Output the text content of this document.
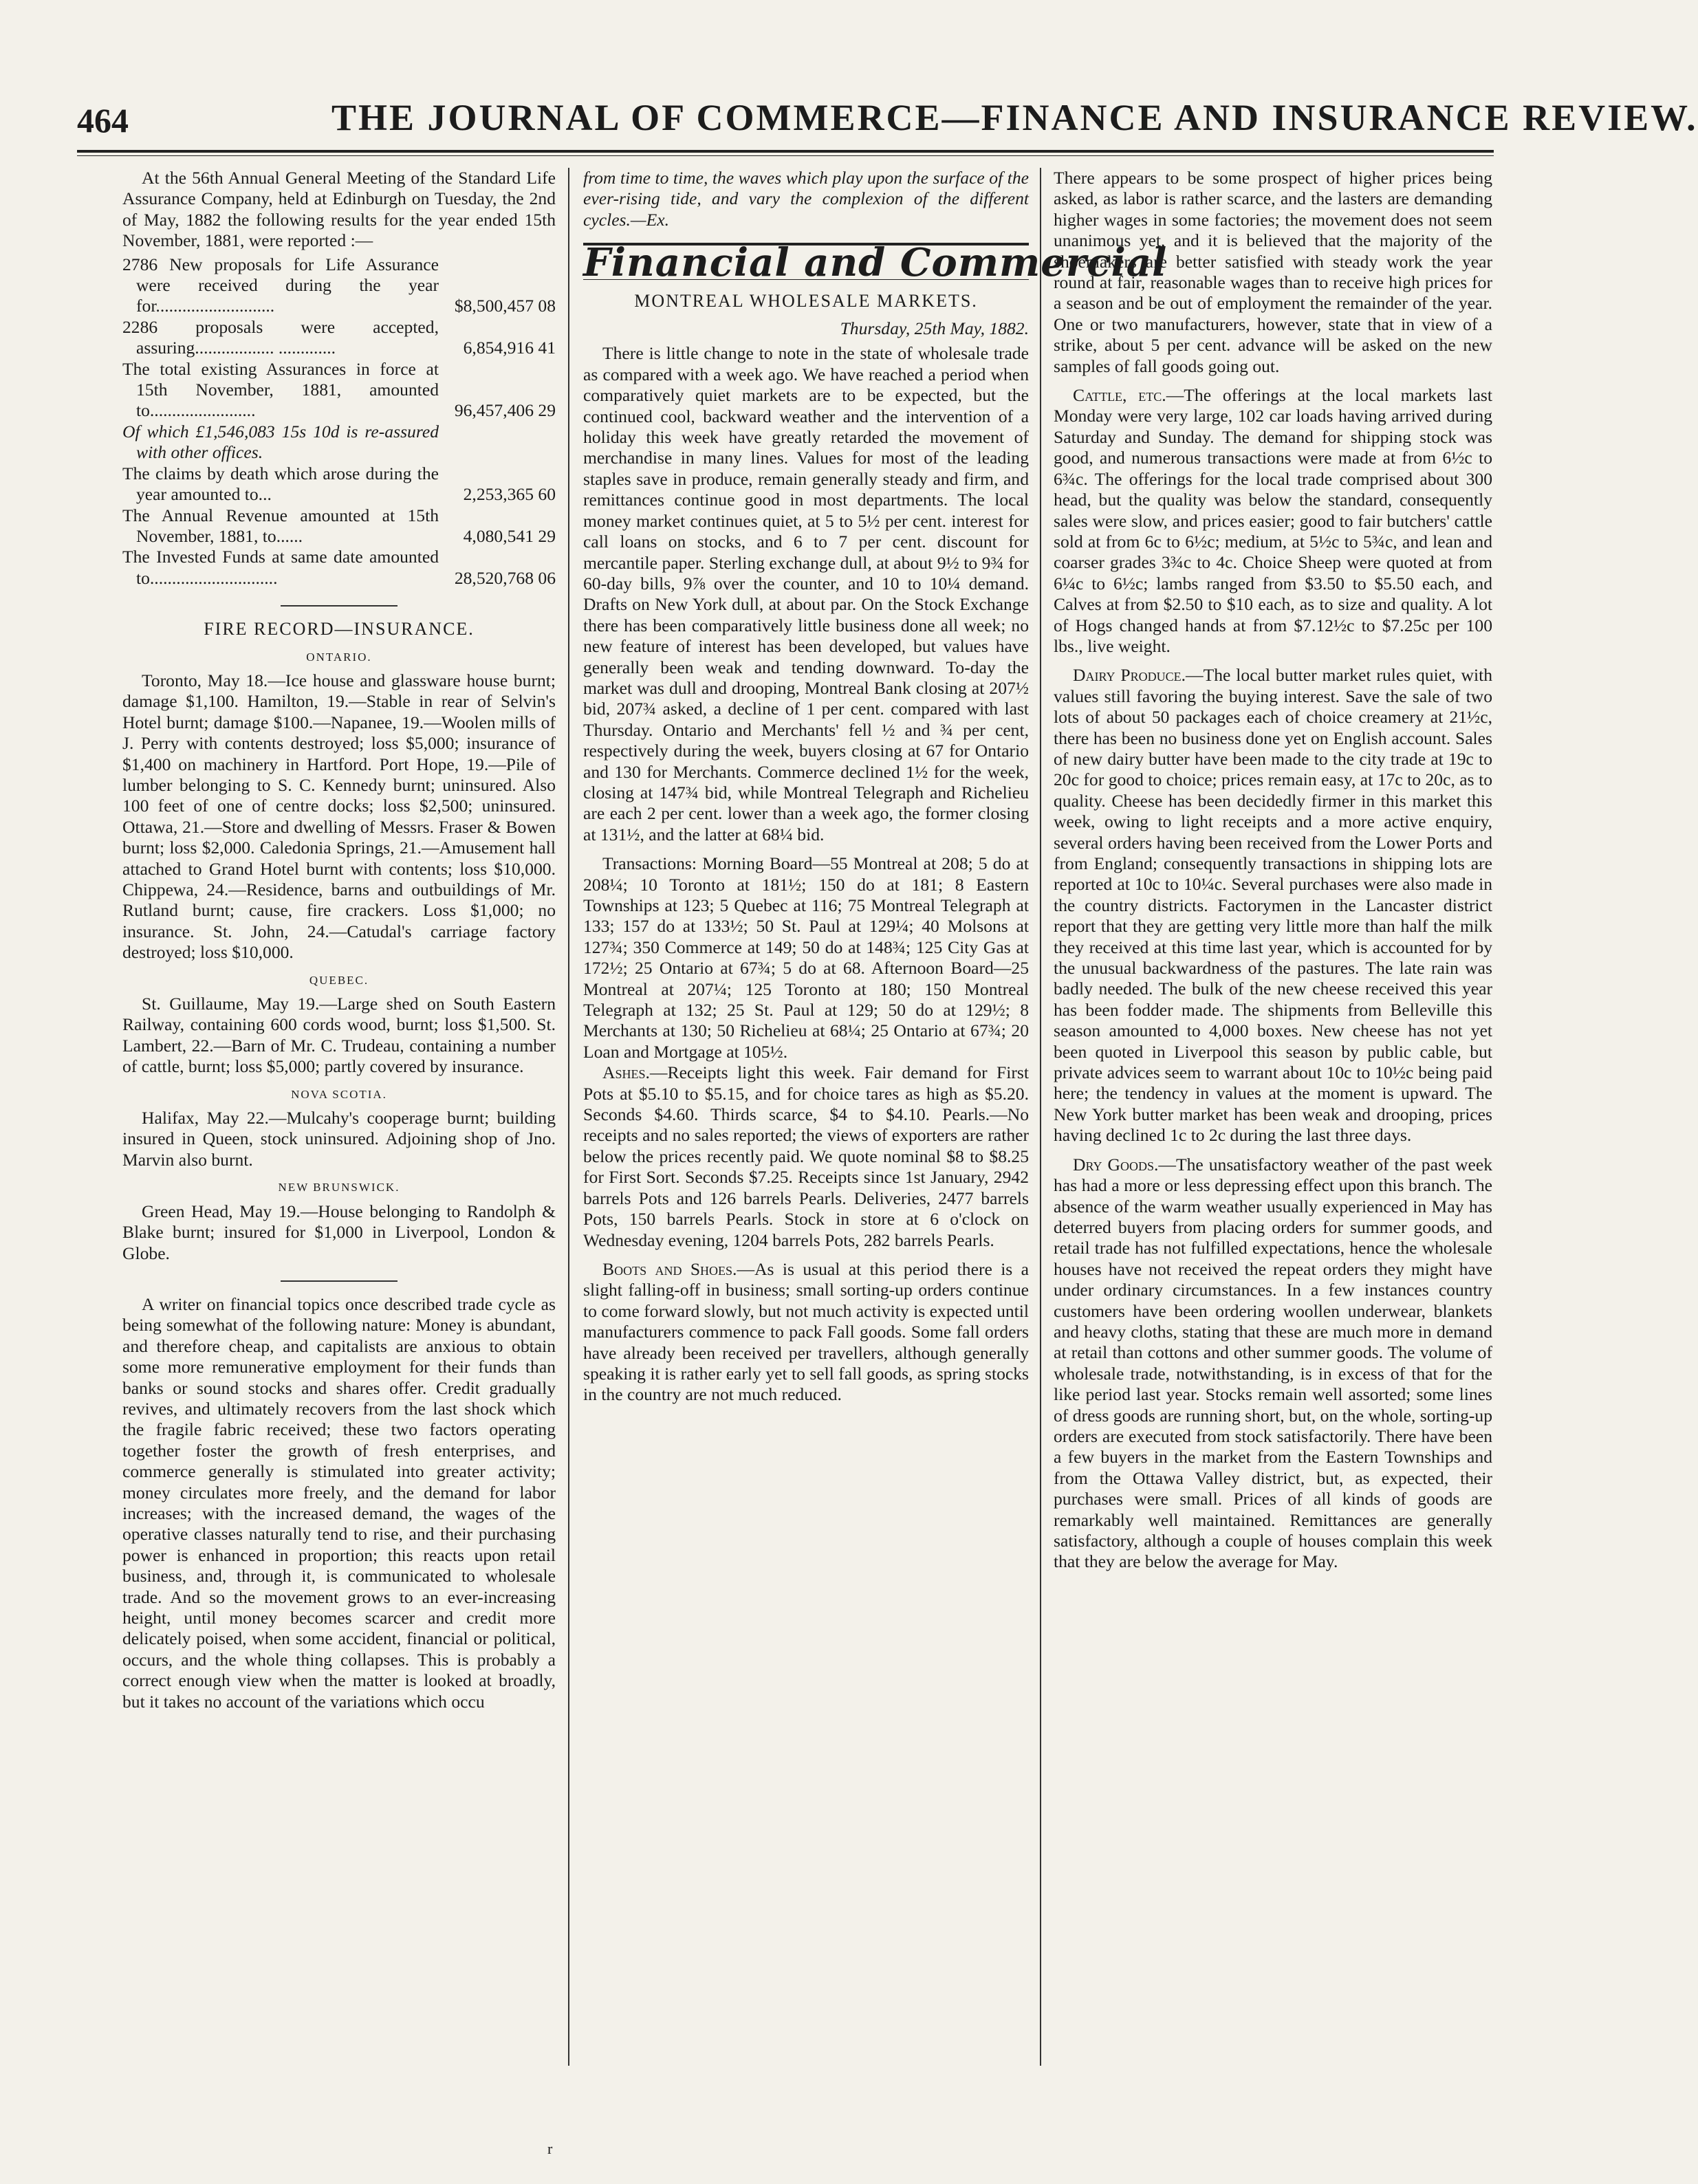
464	THE JOURNAL OF COMMERCE—FINANCE AND INSURANCE REVIEW.

At the 56th Annual General Meeting of the Standard Life Assurance Company, held at Edinburgh on Tuesday, the 2nd of May, 1882 the following results for the year ended 15th November, 1881, were reported :—

2786 New proposals for Life Assurance were received during the year for...........................	$8,500,457 08
2286 proposals were accepted, assuring.................. .............	6,854,916 41
The total existing Assurances in force at 15th November, 1881, amounted to........................	96,457,406 29
Of which £1,546,083 15s 10d is re-assured with other offices.
The claims by death which arose during the year amounted to...	2,253,365 60
The Annual Revenue amounted at 15th November, 1881, to......	4,080,541 29
The Invested Funds at same date amounted to.............................	28,520,768 06
FIRE RECORD—INSURANCE.
ONTARIO.

Toronto, May 18.—Ice house and glassware house burnt; damage $1,100. Hamilton, 19.—Stable in rear of Selvin's Hotel burnt; damage $100.—Napanee, 19.—Woolen mills of J. Perry with contents destroyed; loss $5,000; insurance of $1,400 on machinery in Hartford. Port Hope, 19.—Pile of lumber belonging to S. C. Kennedy burnt; uninsured. Also 100 feet of one of centre docks; loss $2,500; uninsured. Ottawa, 21.—Store and dwelling of Messrs. Fraser & Bowen burnt; loss $2,000. Caledonia Springs, 21.—Amusement hall attached to Grand Hotel burnt with contents; loss $10,000. Chippewa, 24.—Residence, barns and outbuildings of Mr. Rutland burnt; cause, fire crackers. Loss $1,000; no insurance. St. John, 24.—Catudal's carriage factory destroyed; loss $10,000.

QUEBEC.

St. Guillaume, May 19.—Large shed on South Eastern Railway, containing 600 cords wood, burnt; loss $1,500. St. Lambert, 22.—Barn of Mr. C. Trudeau, containing a number of cattle, burnt; loss $5,000; partly covered by insurance.

NOVA SCOTIA.

Halifax, May 22.—Mulcahy's cooperage burnt; building insured in Queen, stock uninsured. Adjoining shop of Jno. Marvin also burnt.

NEW BRUNSWICK.

Green Head, May 19.—House belonging to Randolph & Blake burnt; insured for $1,000 in Liverpool, London & Globe.

A writer on financial topics once described trade cycle as being somewhat of the following nature: Money is abundant, and therefore cheap, and capitalists are anxious to obtain some more remunerative employment for their funds than banks or sound stocks and shares offer. Credit gradually revives, and ultimately recovers from the last shock which the fragile fabric received; these two factors operating together foster the growth of fresh enterprises, and commerce generally is stimulated into greater activity; money circulates more freely, and the demand for labor increases; with the increased demand, the wages of the operative classes naturally tend to rise, and their purchasing power is enhanced in proportion; this reacts upon retail business, and, through it, is communicated to wholesale trade. And so the movement grows to an ever-increasing height, until money becomes scarcer and credit more delicately poised, when some accident, financial or political, occurs, and the whole thing collapses. This is probably a correct enough view when the matter is looked at broadly, but it takes no account of the variations which occu

from time to time, the waves which play upon the surface of the ever-rising tide, and vary the complexion of the different cycles.—Ex.

Financial and Commercial
MONTREAL WHOLESALE MARKETS.
Thursday, 25th May, 1882.

There is little change to note in the state of wholesale trade as compared with a week ago. We have reached a period when comparatively quiet markets are to be expected, but the continued cool, backward weather and the intervention of a holiday this week have greatly retarded the movement of merchandise in many lines. Values for most of the leading staples save in produce, remain generally steady and firm, and remittances continue good in most departments. The local money market continues quiet, at 5 to 5½ per cent. interest for call loans on stocks, and 6 to 7 per cent. discount for mercantile paper. Sterling exchange dull, at about 9½ to 9¾ for 60-day bills, 9⅞ over the counter, and 10 to 10¼ demand. Drafts on New York dull, at about par. On the Stock Exchange there has been comparatively little business done all week; no new feature of interest has been developed, but values have generally been weak and tending downward. To-day the market was dull and drooping, Montreal Bank closing at 207½ bid, 207¾ asked, a decline of 1 per cent. compared with last Thursday. Ontario and Merchants' fell ½ and ¾ per cent, respectively during the week, buyers closing at 67 for Ontario and 130 for Merchants. Commerce declined 1½ for the week, closing at 147¾ bid, while Montreal Telegraph and Richelieu are each 2 per cent. lower than a week ago, the former closing at 131½, and the latter at 68¼ bid.

Transactions: Morning Board—55 Montreal at 208; 5 do at 208¼; 10 Toronto at 181½; 150 do at 181; 8 Eastern Townships at 123; 5 Quebec at 116; 75 Montreal Telegraph at 133; 157 do at 133½; 50 St. Paul at 129¼; 40 Molsons at 127¾; 350 Commerce at 149; 50 do at 148¾; 125 City Gas at 172½; 25 Ontario at 67¾; 5 do at 68. Afternoon Board—25 Montreal at 207¼; 125 Toronto at 180; 150 Montreal Telegraph at 132; 25 St. Paul at 129; 50 do at 129½; 8 Merchants at 130; 50 Richelieu at 68¼; 25 Ontario at 67¾; 20 Loan and Mortgage at 105½.

Ashes.—Receipts light this week. Fair demand for First Pots at $5.10 to $5.15, and for choice tares as high as $5.20. Seconds $4.60. Thirds scarce, $4 to $4.10. Pearls.—No receipts and no sales reported; the views of exporters are rather below the prices recently paid. We quote nominal $8 to $8.25 for First Sort. Seconds $7.25. Receipts since 1st January, 2942 barrels Pots and 126 barrels Pearls. Deliveries, 2477 barrels Pots, 150 barrels Pearls. Stock in store at 6 o'clock on Wednesday evening, 1204 barrels Pots, 282 barrels Pearls.

Boots and Shoes.—As is usual at this period there is a slight falling-off in business; small sorting-up orders continue to come forward slowly, but not much activity is expected until manufacturers commence to pack Fall goods. Some fall orders have already been received per travellers, although generally speaking it is rather early yet to sell fall goods, as spring stocks in the country are not much reduced.

There appears to be some prospect of higher prices being asked, as labor is rather scarce, and the lasters are demanding higher wages in some factories; the movement does not seem unanimous yet, and it is believed that the majority of the shoemakers are better satisfied with steady work the year round at fair, reasonable wages than to receive high prices for a season and be out of employment the remainder of the year. One or two manufacturers, however, state that in view of a strike, about 5 per cent. advance will be asked on the new samples of fall goods going out.

Cattle, etc.—The offerings at the local markets last Monday were very large, 102 car loads having arrived during Saturday and Sunday. The demand for shipping stock was good, and numerous transactions were made at from 6½c to 6¾c. The offerings for the local trade comprised about 300 head, but the quality was below the standard, consequently sales were slow, and prices easier; good to fair butchers' cattle sold at from 6c to 6½c; medium, at 5½c to 5¾c, and lean and coarser grades 3¾c to 4c. Choice Sheep were quoted at from 6¼c to 6½c; lambs ranged from $3.50 to $5.50 each, and Calves at from $2.50 to $10 each, as to size and quality. A lot of Hogs changed hands at from $7.12½c to $7.25c per 100 lbs., live weight.

Dairy Produce.—The local butter market rules quiet, with values still favoring the buying interest. Save the sale of two lots of about 50 packages each of choice creamery at 21½c, there has been no business done yet on English account. Sales of new dairy butter have been made to the city trade at 19c to 20c for good to choice; prices remain easy, at 17c to 20c, as to quality. Cheese has been decidedly firmer in this market this week, owing to light receipts and a more active enquiry, several orders having been received from the Lower Ports and from England; consequently transactions in shipping lots are reported at 10c to 10¼c. Several purchases were also made in the country districts. Factorymen in the Lancaster district report that they are getting very little more than half the milk they received at this time last year, which is accounted for by the unusual backwardness of the pastures. The late rain was badly needed. The bulk of the new cheese received this year has been fodder made. The shipments from Belleville this season amounted to 4,000 boxes. New cheese has not yet been quoted in Liverpool this season by public cable, but private advices seem to warrant about 10c to 10½c being paid here; the tendency in values at the moment is upward. The New York butter market has been weak and drooping, prices having declined 1c to 2c during the last three days.

Dry Goods.—The unsatisfactory weather of the past week has had a more or less depressing effect upon this branch. The absence of the warm weather usually experienced in May has deterred buyers from placing orders for summer goods, and retail trade has not fulfilled expectations, hence the wholesale houses have not received the repeat orders they might have under ordinary circumstances. In a few instances country customers have been ordering woollen underwear, blankets and heavy cloths, stating that these are much more in demand at retail than cottons and other summer goods. The volume of wholesale trade, notwithstanding, is in excess of that for the like period last year. Stocks remain well assorted; some lines of dress goods are running short, but, on the whole, sorting-up orders are executed from stock satisfactorily. There have been a few buyers in the market from the Eastern Townships and from the Ottawa Valley district, but, as expected, their purchases were small. Prices of all kinds of goods are remarkably well maintained. Remittances are generally satisfactory, although a couple of houses complain this week that they are below the average for May.

r
